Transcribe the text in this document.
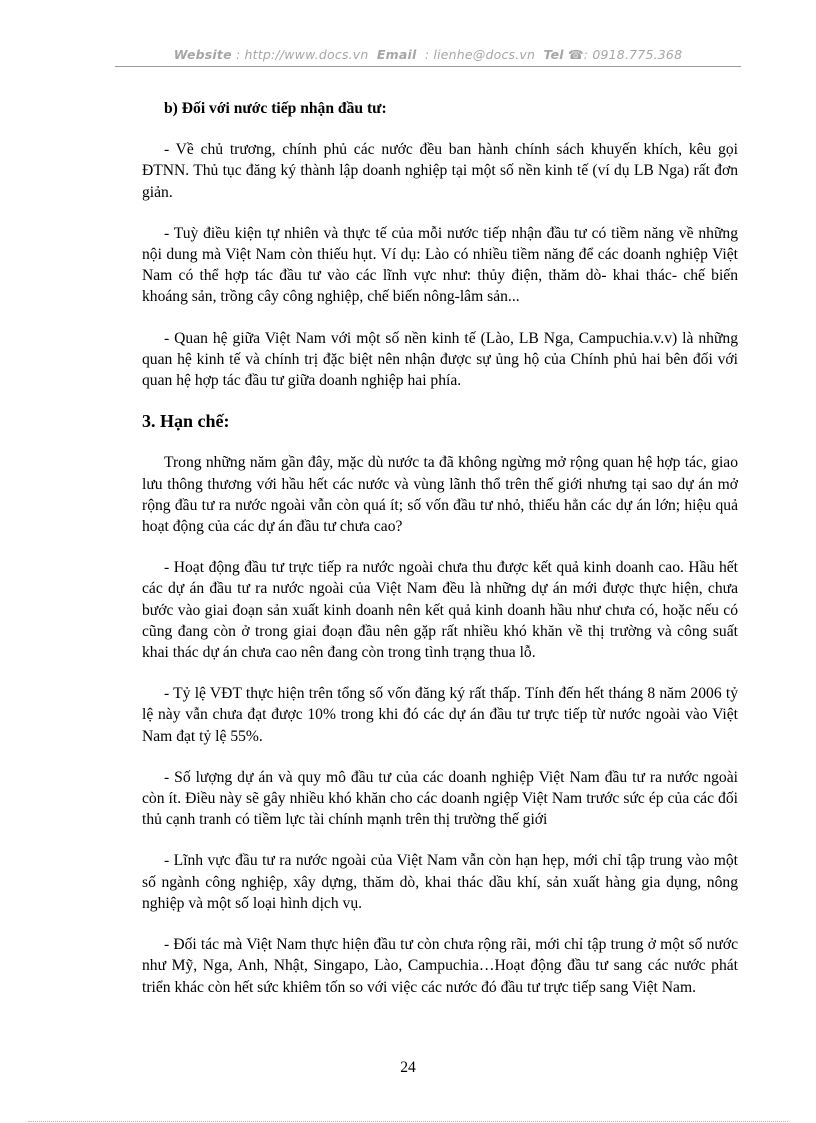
Website : http://www.docs.vn Email : lienhe@docs.vn Tel ☎: 0918.775.368
b) Đối với nước tiếp nhận đầu tư:

- Về chủ trương, chính phủ các nước đều ban hành chính sách khuyến khích, kêu gọi ĐTNN. Thủ tục đăng ký thành lập doanh nghiệp tại một số nền kinh tế (ví dụ LB Nga) rất đơn giản.

- Tuỳ điều kiện tự nhiên và thực tế của mỗi nước tiếp nhận đầu tư có tiềm năng về những nội dung mà Việt Nam còn thiếu hụt. Ví dụ: Lào có nhiều tiềm năng để các doanh nghiệp Việt Nam có thể hợp tác đầu tư vào các lĩnh vực như: thủy điện, thăm dò- khai thác- chế biến khoáng sản, trồng cây công nghiệp, chế biến nông-lâm sản...

- Quan hệ giữa Việt Nam với một số nền kinh tế (Lào, LB Nga, Campuchia.v.v) là những quan hệ kinh tế và chính trị đặc biệt nên nhận được sự ủng hộ của Chính phủ hai bên đối với quan hệ hợp tác đầu tư giữa doanh nghiệp hai phía.

3. Hạn chế:

Trong những năm gần đây, mặc dù nước ta đã không ngừng mở rộng quan hệ hợp tác, giao lưu thông thương với hầu hết các nước và vùng lãnh thổ trên thế giới nhưng tại sao dự án mở rộng đầu tư ra nước ngoài vẫn còn quá ít; số vốn đầu tư nhỏ, thiếu hẳn các dự án lớn; hiệu quả hoạt động của các dự án đầu tư chưa cao?

- Hoạt động đầu tư trực tiếp ra nước ngoài chưa thu được kết quả kinh doanh cao. Hầu hết các dự án đầu tư ra nước ngoài của Việt Nam đều là những dự án mới được thực hiện, chưa bước vào giai đoạn sản xuất kinh doanh nên kết quả kinh doanh hầu như chưa có, hoặc nếu có cũng đang còn ở trong giai đoạn đầu nên gặp rất nhiều khó khăn về thị trường và công suất khai thác dự án chưa cao nên đang còn trong tình trạng thua lỗ.

- Tỷ lệ VĐT thực hiện trên tổng số vốn đăng ký rất thấp. Tính đến hết tháng 8 năm 2006 tỷ lệ này vẫn chưa đạt được 10% trong khi đó các dự án đầu tư trực tiếp từ nước ngoài vào Việt Nam đạt tỷ lệ 55%.

- Số lượng dự án và quy mô đầu tư của các doanh nghiệp Việt Nam đầu tư ra nước ngoài còn ít. Điều này sẽ gây nhiều khó khăn cho các doanh ngiệp Việt Nam trước sức ép của các đối thủ cạnh tranh có tiềm lực tài chính mạnh trên thị trường thế giới

- Lĩnh vực đầu tư ra nước ngoài của Việt Nam vẫn còn hạn hẹp, mới chỉ tập trung vào một số ngành công nghiệp, xây dựng, thăm dò, khai thác dầu khí, sản xuất hàng gia dụng, nông nghiệp và một số loại hình dịch vụ.

- Đối tác mà Việt Nam thực hiện đầu tư còn chưa rộng rãi, mới chỉ tập trung ở một số nước như Mỹ, Nga, Anh, Nhật, Singapo, Lào, Campuchia…Hoạt động đầu tư sang các nước phát triển khác còn hết sức khiêm tốn so với việc các nước đó đầu tư trực tiếp sang Việt Nam.

24
